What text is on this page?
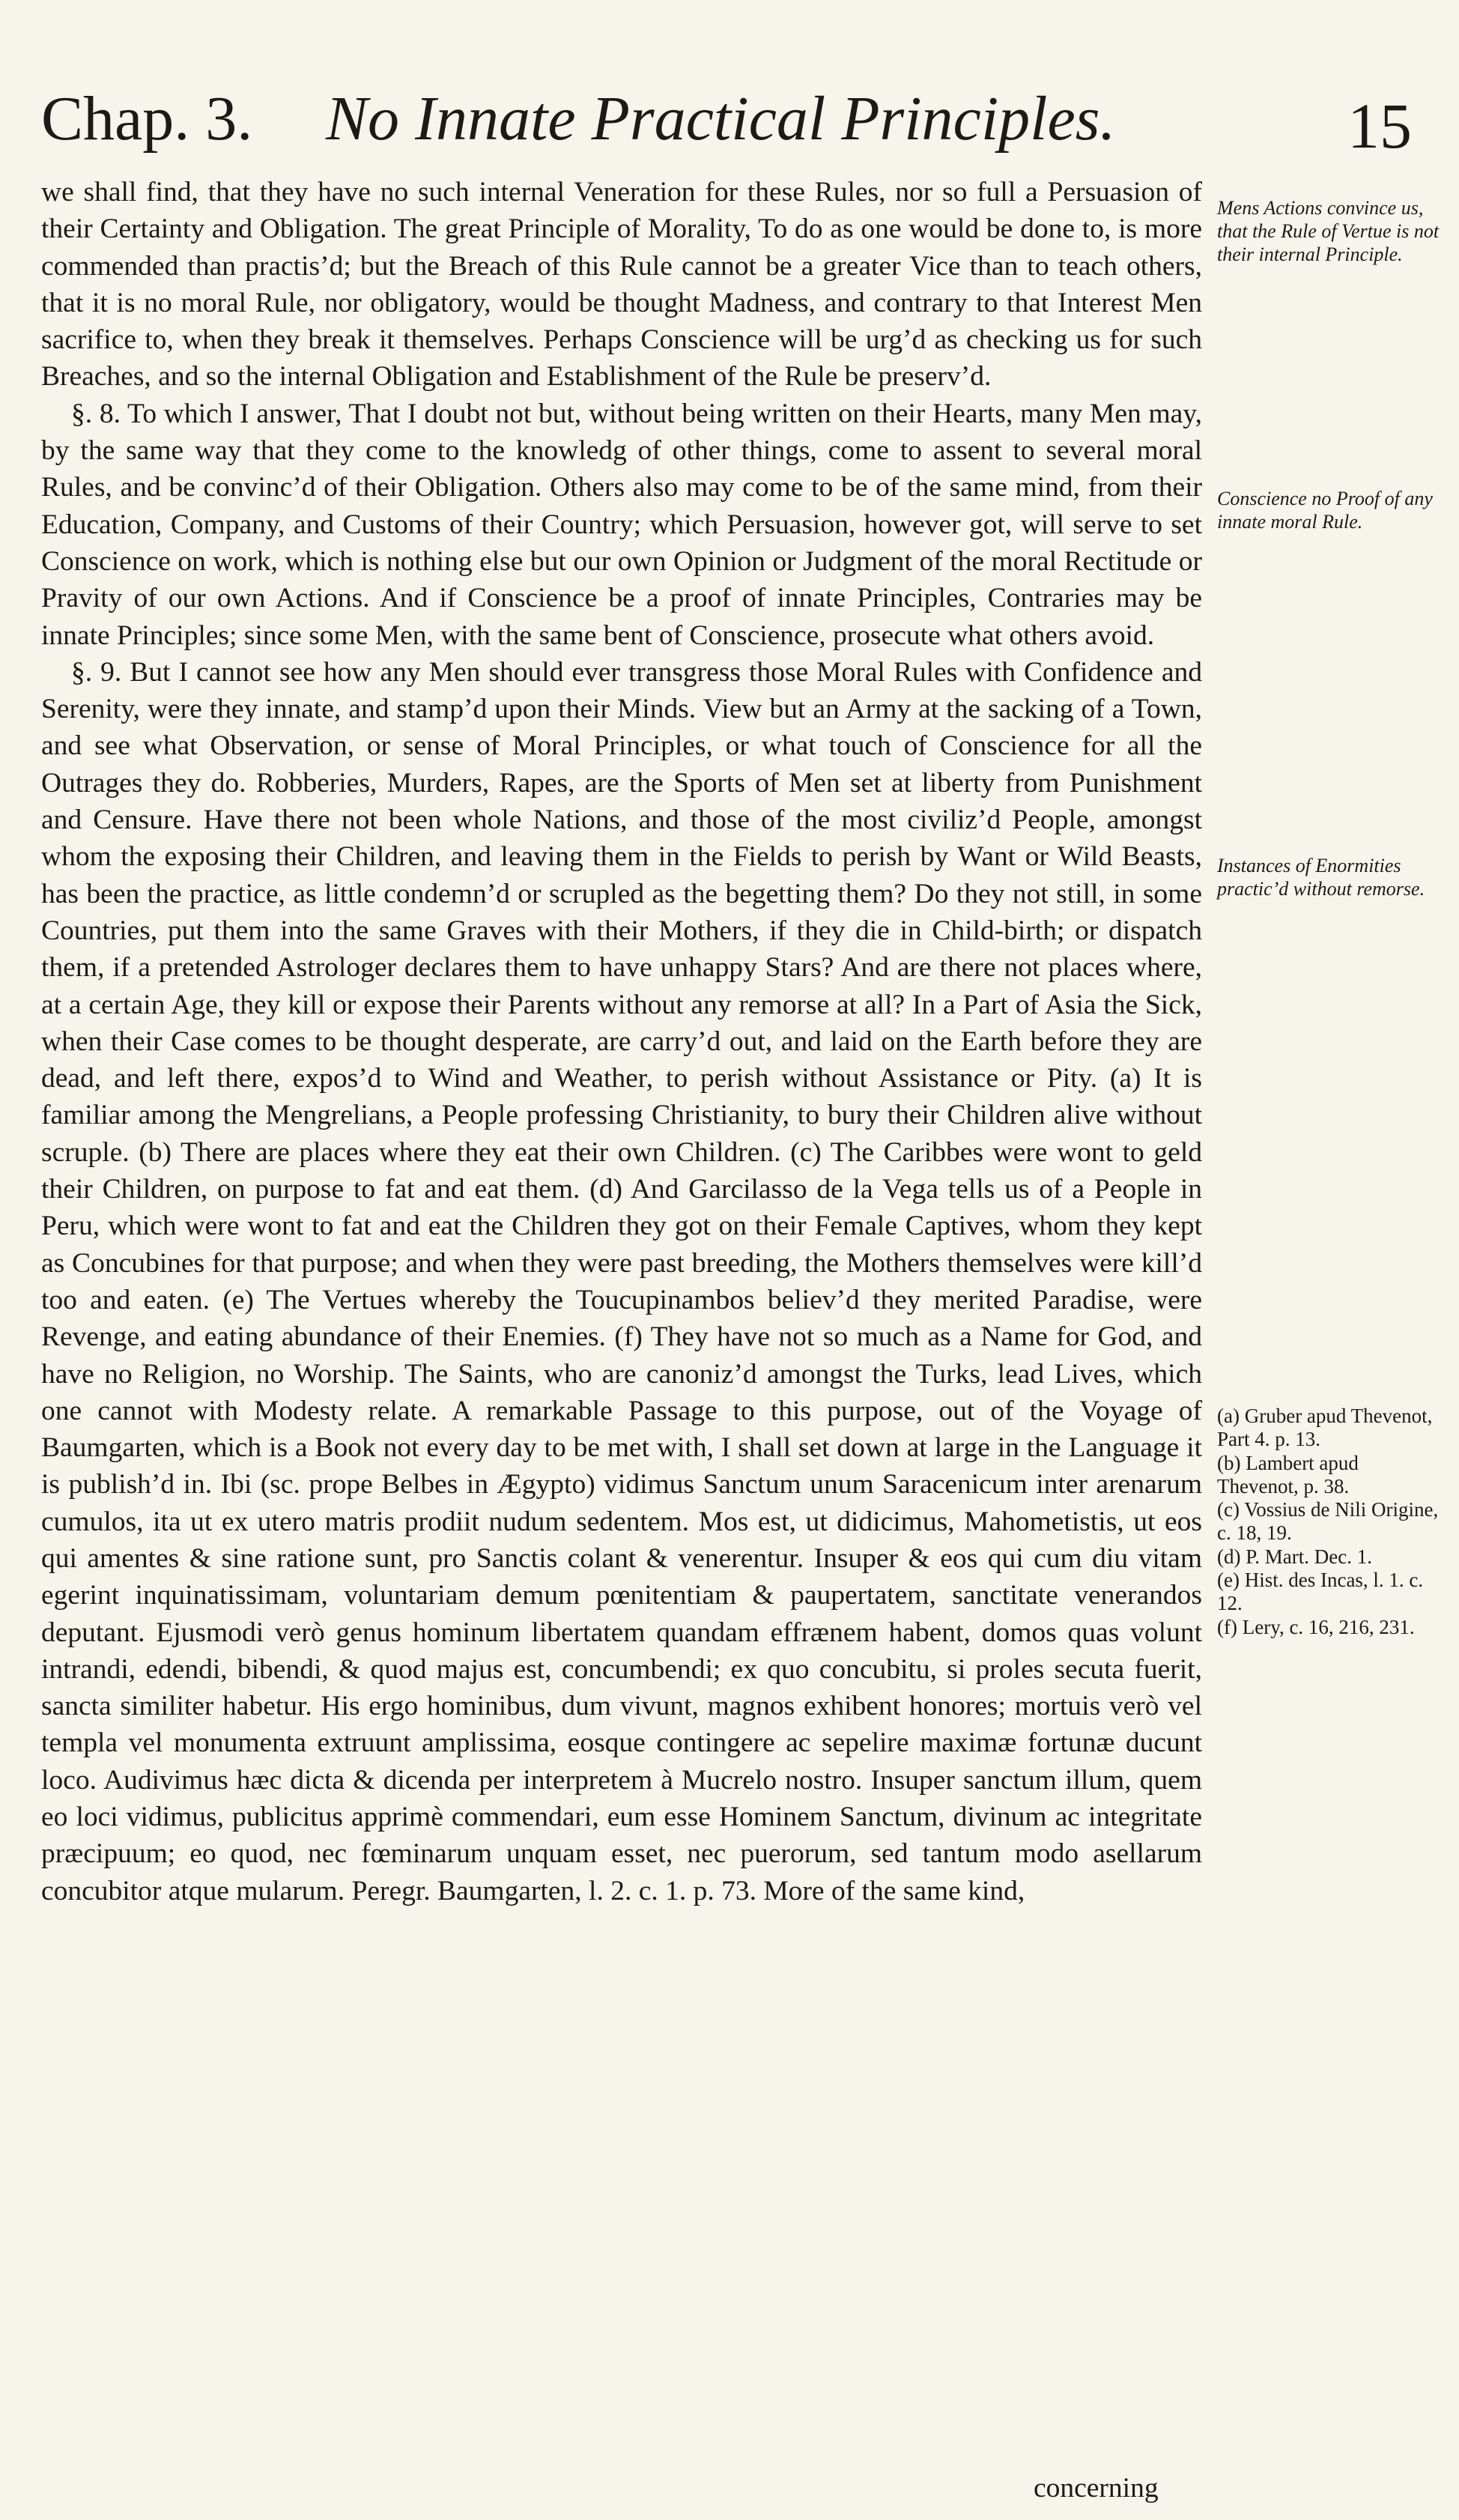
Chap. 3. No Innate Practical Principles.	15

we shall find, that they have no such internal Veneration for these Rules, nor so full a Persuasion of their Certainty and Obligation. The great Principle of Morality, To do as one would be done to, is more commended than practis’d; but the Breach of this Rule cannot be a greater Vice than to teach others, that it is no moral Rule, nor obligatory, would be thought Madness, and contrary to that Interest Men sacrifice to, when they break it themselves. Perhaps Conscience will be urg’d as checking us for such Breaches, and so the internal Obligation and Establishment of the Rule be preserv’d.

§. 8. To which I answer, That I doubt not but, without being written on their Hearts, many Men may, by the same way that they come to the knowledg of other things, come to assent to several moral Rules, and be convinc’d of their Obligation. Others also may come to be of the same mind, from their Education, Company, and Customs of their Country; which Persuasion, however got, will serve to set Conscience on work, which is nothing else but our own Opinion or Judgment of the moral Rectitude or Pravity of our own Actions. And if Conscience be a proof of innate Principles, Contraries may be innate Principles; since some Men, with the same bent of Conscience, prosecute what others avoid.

§. 9. But I cannot see how any Men should ever transgress those Moral Rules with Confidence and Serenity, were they innate, and stamp’d upon their Minds. View but an Army at the sacking of a Town, and see what Observation, or sense of Moral Principles, or what touch of Conscience for all the Outrages they do. Robberies, Murders, Rapes, are the Sports of Men set at liberty from Punishment and Censure. Have there not been whole Nations, and those of the most civiliz’d People, amongst whom the exposing their Children, and leaving them in the Fields to perish by Want or Wild Beasts, has been the practice, as little condemn’d or scrupled as the begetting them? Do they not still, in some Countries, put them into the same Graves with their Mothers, if they die in Child-birth; or dispatch them, if a pretended Astrologer declares them to have unhappy Stars? And are there not places where, at a certain Age, they kill or expose their Parents without any remorse at all? In a Part of Asia the Sick, when their Case comes to be thought desperate, are carry’d out, and laid on the Earth before they are dead, and left there, expos’d to Wind and Weather, to perish without Assistance or Pity. (a) It is familiar among the Mengrelians, a People professing Christianity, to bury their Children alive without scruple. (b) There are places where they eat their own Children. (c) The Caribbes were wont to geld their Children, on purpose to fat and eat them. (d) And Garcilasso de la Vega tells us of a People in Peru, which were wont to fat and eat the Children they got on their Female Captives, whom they kept as Concubines for that purpose; and when they were past breeding, the Mothers themselves were kill’d too and eaten. (e) The Vertues whereby the Toucupinambos believ’d they merited Paradise, were Revenge, and eating abundance of their Enemies. (f) They have not so much as a Name for God, and have no Religion, no Worship. The Saints, who are canoniz’d amongst the Turks, lead Lives, which one cannot with Modesty relate. A remarkable Passage to this purpose, out of the Voyage of Baumgarten, which is a Book not every day to be met with, I shall set down at large in the Language it is publish’d in. Ibi (sc. prope Belbes in Ægypto) vidimus Sanctum unum Saracenicum inter arenarum cumulos, ita ut ex utero matris prodiit nudum sedentem. Mos est, ut didicimus, Mahometistis, ut eos qui amentes & sine ratione sunt, pro Sanctis colant & venerentur. Insuper & eos qui cum diu vitam egerint inquinatissimam, voluntariam demum pœnitentiam & paupertatem, sanctitate venerandos deputant. Ejusmodi verò genus hominum libertatem quandam effrænem habent, domos quas volunt intrandi, edendi, bibendi, & quod majus est, concumbendi; ex quo concubitu, si proles secuta fuerit, sancta similiter habetur. His ergo hominibus, dum vivunt, magnos exhibent honores; mortuis verò vel templa vel monumenta extruunt amplissima, eosque contingere ac sepelire maximæ fortunæ ducunt loco. Audivimus hæc dicta & dicenda per interpretem à Mucrelo nostro. Insuper sanctum illum, quem eo loci vidimus, publicitus apprimè commendari, eum esse Hominem Sanctum, divinum ac integritate præcipuum; eo quod, nec fœminarum unquam esset, nec puerorum, sed tantum modo asellarum concubitor atque mularum. Peregr. Baumgarten, l. 2. c. 1. p. 73. More of the same kind,

concerning
Mens Actions convince us, that the Rule of Vertue is not their internal Principle.
Conscience no Proof of any innate moral Rule.
Instances of Enormities practic’d without remorse.

(a) Gruber apud Thevenot, Part 4. p. 13.

(b) Lambert apud Thevenot, p. 38.

(c) Vossius de Nili Origine, c. 18, 19.

(d) P. Mart. Dec. 1.

(e) Hist. des Incas, l. 1. c. 12.

(f) Lery, c. 16, 216, 231.
